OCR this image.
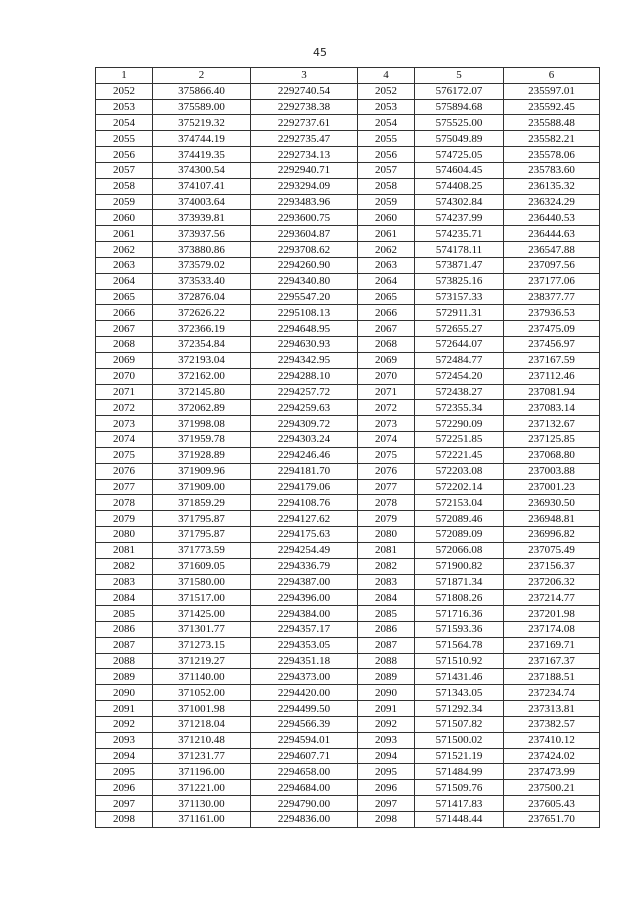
45
1	2	3	4	5	6
2052	375866.40	2292740.54	2052	576172.07	235597.01
2053	375589.00	2292738.38	2053	575894.68	235592.45
2054	375219.32	2292737.61	2054	575525.00	235588.48
2055	374744.19	2292735.47	2055	575049.89	235582.21
2056	374419.35	2292734.13	2056	574725.05	235578.06
2057	374300.54	2292940.71	2057	574604.45	235783.60
2058	374107.41	2293294.09	2058	574408.25	236135.32
2059	374003.64	2293483.96	2059	574302.84	236324.29
2060	373939.81	2293600.75	2060	574237.99	236440.53
2061	373937.56	2293604.87	2061	574235.71	236444.63
2062	373880.86	2293708.62	2062	574178.11	236547.88
2063	373579.02	2294260.90	2063	573871.47	237097.56
2064	373533.40	2294340.80	2064	573825.16	237177.06
2065	372876.04	2295547.20	2065	573157.33	238377.77
2066	372626.22	2295108.13	2066	572911.31	237936.53
2067	372366.19	2294648.95	2067	572655.27	237475.09
2068	372354.84	2294630.93	2068	572644.07	237456.97
2069	372193.04	2294342.95	2069	572484.77	237167.59
2070	372162.00	2294288.10	2070	572454.20	237112.46
2071	372145.80	2294257.72	2071	572438.27	237081.94
2072	372062.89	2294259.63	2072	572355.34	237083.14
2073	371998.08	2294309.72	2073	572290.09	237132.67
2074	371959.78	2294303.24	2074	572251.85	237125.85
2075	371928.89	2294246.46	2075	572221.45	237068.80
2076	371909.96	2294181.70	2076	572203.08	237003.88
2077	371909.00	2294179.06	2077	572202.14	237001.23
2078	371859.29	2294108.76	2078	572153.04	236930.50
2079	371795.87	2294127.62	2079	572089.46	236948.81
2080	371795.87	2294175.63	2080	572089.09	236996.82
2081	371773.59	2294254.49	2081	572066.08	237075.49
2082	371609.05	2294336.79	2082	571900.82	237156.37
2083	371580.00	2294387.00	2083	571871.34	237206.32
2084	371517.00	2294396.00	2084	571808.26	237214.77
2085	371425.00	2294384.00	2085	571716.36	237201.98
2086	371301.77	2294357.17	2086	571593.36	237174.08
2087	371273.15	2294353.05	2087	571564.78	237169.71
2088	371219.27	2294351.18	2088	571510.92	237167.37
2089	371140.00	2294373.00	2089	571431.46	237188.51
2090	371052.00	2294420.00	2090	571343.05	237234.74
2091	371001.98	2294499.50	2091	571292.34	237313.81
2092	371218.04	2294566.39	2092	571507.82	237382.57
2093	371210.48	2294594.01	2093	571500.02	237410.12
2094	371231.77	2294607.71	2094	571521.19	237424.02
2095	371196.00	2294658.00	2095	571484.99	237473.99
2096	371221.00	2294684.00	2096	571509.76	237500.21
2097	371130.00	2294790.00	2097	571417.83	237605.43
2098	371161.00	2294836.00	2098	571448.44	237651.70
